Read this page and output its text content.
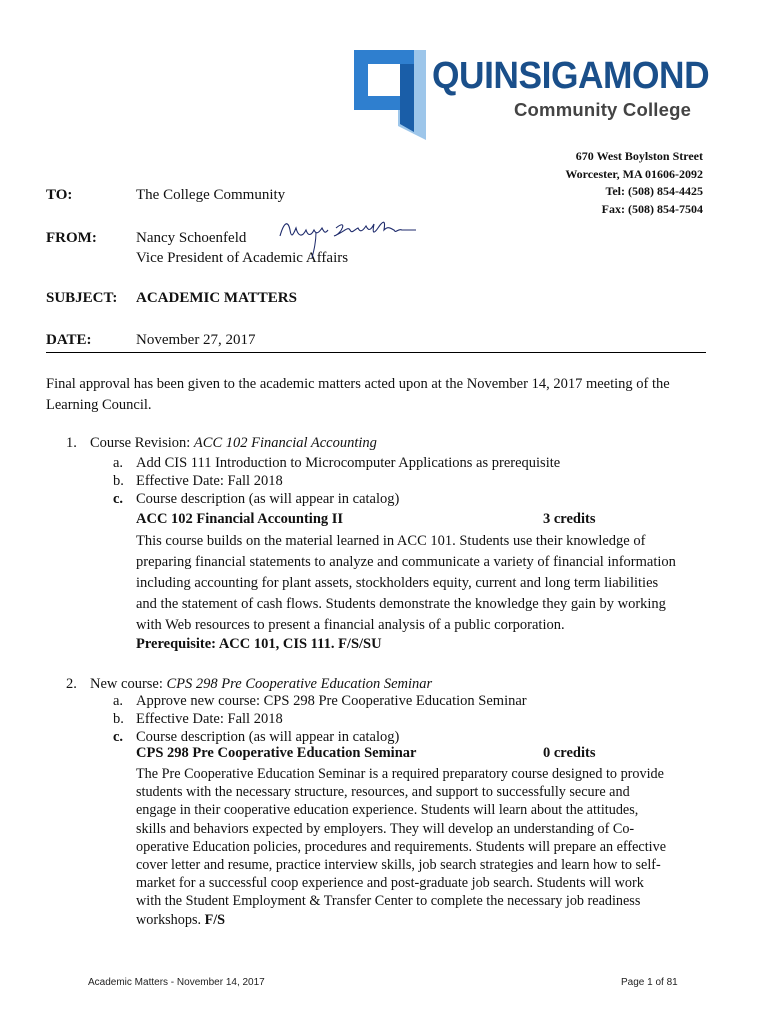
QUINSIGAMOND
Community College
670 West Boylston Street
Worcester, MA 01606-2092
Tel: (508) 854-4425
Fax: (508) 854-7504
TO:	The College Community
FROM:	Nancy Schoenfeld
Vice President of Academic Affairs
SUBJECT: ACADEMIC MATTERS
DATE:	November 27, 2017
Final approval has been given to the academic matters acted upon at the November 14, 2017 meeting of the Learning Council.
1. Course Revision: ACC 102 Financial Accounting
a. Add CIS 111 Introduction to Microcomputer Applications as prerequisite
b. Effective Date: Fall 2018
c. Course description (as will appear in catalog)
ACC 102 Financial Accounting II	3 credits
This course builds on the material learned in ACC 101. Students use their knowledge of
preparing financial statements to analyze and communicate a variety of financial information
including accounting for plant assets, stockholders equity, current and long term liabilities
and the statement of cash flows. Students demonstrate the knowledge they gain by working
with Web resources to present a financial analysis of a public corporation.
Prerequisite: ACC 101, CIS 111. F/S/SU
2. New course: CPS 298 Pre Cooperative Education Seminar
a. Approve new course: CPS 298 Pre Cooperative Education Seminar
b. Effective Date: Fall 2018
c. Course description (as will appear in catalog)
CPS 298 Pre Cooperative Education Seminar	0 credits
The Pre Cooperative Education Seminar is a required preparatory course designed to provide
students with the necessary structure, resources, and support to successfully secure and
engage in their cooperative education experience. Students will learn about the attitudes,
skills and behaviors expected by employers. They will develop an understanding of Co-
operative Education policies, procedures and requirements. Students will prepare an effective
cover letter and resume, practice interview skills, job search strategies and learn how to self-
market for a successful coop experience and post-graduate job search. Students will work
with the Student Employment & Transfer Center to complete the necessary job readiness
workshops. F/S
Academic Matters - November 14, 2017	Page 1 of 81
